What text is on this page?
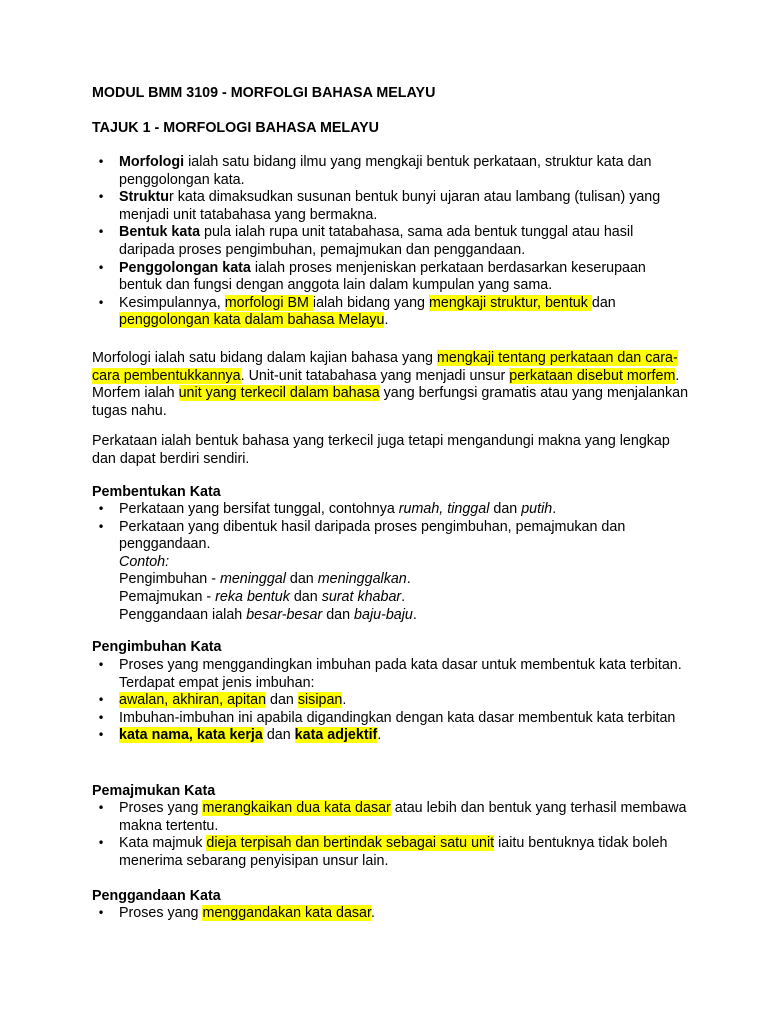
MODUL BMM 3109 - MORFOLGI BAHASA MELAYU
TAJUK 1 - MORFOLOGI BAHASA MELAYU
• Morfologi ialah satu bidang ilmu yang mengkaji bentuk perkataan, struktur kata dan penggolongan kata.
• Struktur kata dimaksudkan susunan bentuk bunyi ujaran atau lambang (tulisan) yang menjadi unit tatabahasa yang bermakna.
• Bentuk kata pula ialah rupa unit tatabahasa, sama ada bentuk tunggal atau hasil daripada proses pengimbuhan, pemajmukan dan penggandaan.
• Penggolongan kata ialah proses menjeniskan perkataan berdasarkan keserupaan bentuk dan fungsi dengan anggota lain dalam kumpulan yang sama.
• Kesimpulannya, morfologi BM ialah bidang yang mengkaji struktur, bentuk dan penggolongan kata dalam bahasa Melayu.

Morfologi ialah satu bidang dalam kajian bahasa yang mengkaji tentang perkataan dan cara-cara pembentukkannya. Unit-unit tatabahasa yang menjadi unsur perkataan disebut morfem. Morfem ialah unit yang terkecil dalam bahasa yang berfungsi gramatis atau yang menjalankan tugas nahu.

Perkataan ialah bentuk bahasa yang terkecil juga tetapi mengandungi makna yang lengkap dan dapat berdiri sendiri.

Pembentukan Kata
• Perkataan yang bersifat tunggal, contohnya rumah, tinggal dan putih.
• Perkataan yang dibentuk hasil daripada proses pengimbuhan, pemajmukan dan penggandaan.
Contoh:
Pengimbuhan - meninggal dan meninggalkan.
Pemajmukan - reka bentuk dan surat khabar.
Penggandaan ialah besar-besar dan baju-baju.
Pengimbuhan Kata
• Proses yang menggandingkan imbuhan pada kata dasar untuk membentuk kata terbitan. Terdapat empat jenis imbuhan:
• awalan, akhiran, apitan dan sisipan.
• Imbuhan-imbuhan ini apabila digandingkan dengan kata dasar membentuk kata terbitan
• kata nama, kata kerja dan kata adjektif.
Pemajmukan Kata
• Proses yang merangkaikan dua kata dasar atau lebih dan bentuk yang terhasil membawa makna tertentu.
• Kata majmuk dieja terpisah dan bertindak sebagai satu unit iaitu bentuknya tidak boleh menerima sebarang penyisipan unsur lain.
Penggandaan Kata
• Proses yang menggandakan kata dasar.
